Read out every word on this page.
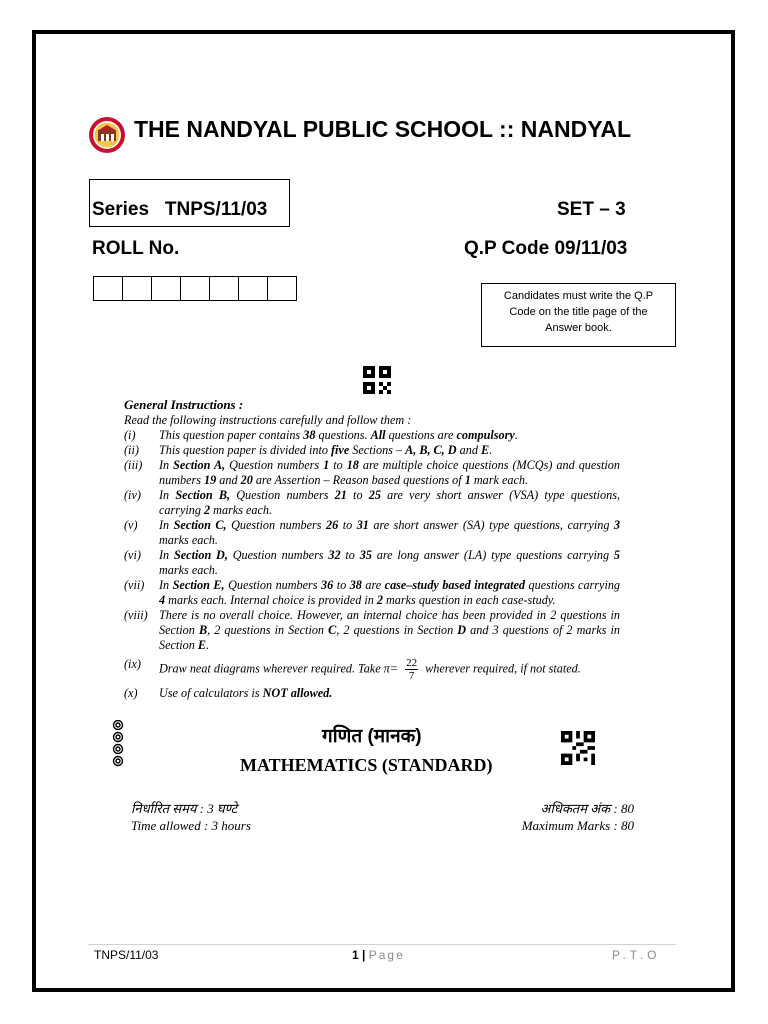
THE NANDYAL PUBLIC SCHOOL :: NANDYAL
Series   TNPS/11/03	SET – 3
ROLL No.	Q.P Code 09/11/03
Candidates must write the Q.P Code on the title page of the Answer book.
General Instructions :
Read the following instructions carefully and follow them :
(i)	This question paper contains 38 questions. All questions are compulsory.
(ii)	This question paper is divided into five Sections – A, B, C, D and E.
(iii)	In Section A, Question numbers 1 to 18 are multiple choice questions (MCQs) and question numbers 19 and 20 are Assertion – Reason based questions of 1 mark each.
(iv)	In Section B, Question numbers 21 to 25 are very short answer (VSA) type questions, carrying 2 marks each.
(v)	In Section C, Question numbers 26 to 31 are short answer (SA) type questions, carrying 3 marks each.
(vi)	In Section D, Question numbers 32 to 35 are long answer (LA) type questions carrying 5 marks each.
(vii)	In Section E, Question numbers 36 to 38 are case–study based integrated questions carrying 4 marks each. Internal choice is provided in 2 marks question in each case-study.
(viii) There is no overall choice. However, an internal choice has been provided in 2 questions in Section B, 2 questions in Section C, 2 questions in Section D and 3 questions of 2 marks in Section E.
(ix)	Draw neat diagrams wherever required. Take $\pi= \frac{22}{7}$ wherever required, if not stated.
(x)	Use of calculators is NOT allowed.
गणित (मानक)
MATHEMATICS (STANDARD)
निर्धारित समय : 3 घण्टे
Time allowed : 3 hours
अधिकतम अंक : 80
Maximum Marks : 80
TNPS/11/03	1 | Page	P.T.O
